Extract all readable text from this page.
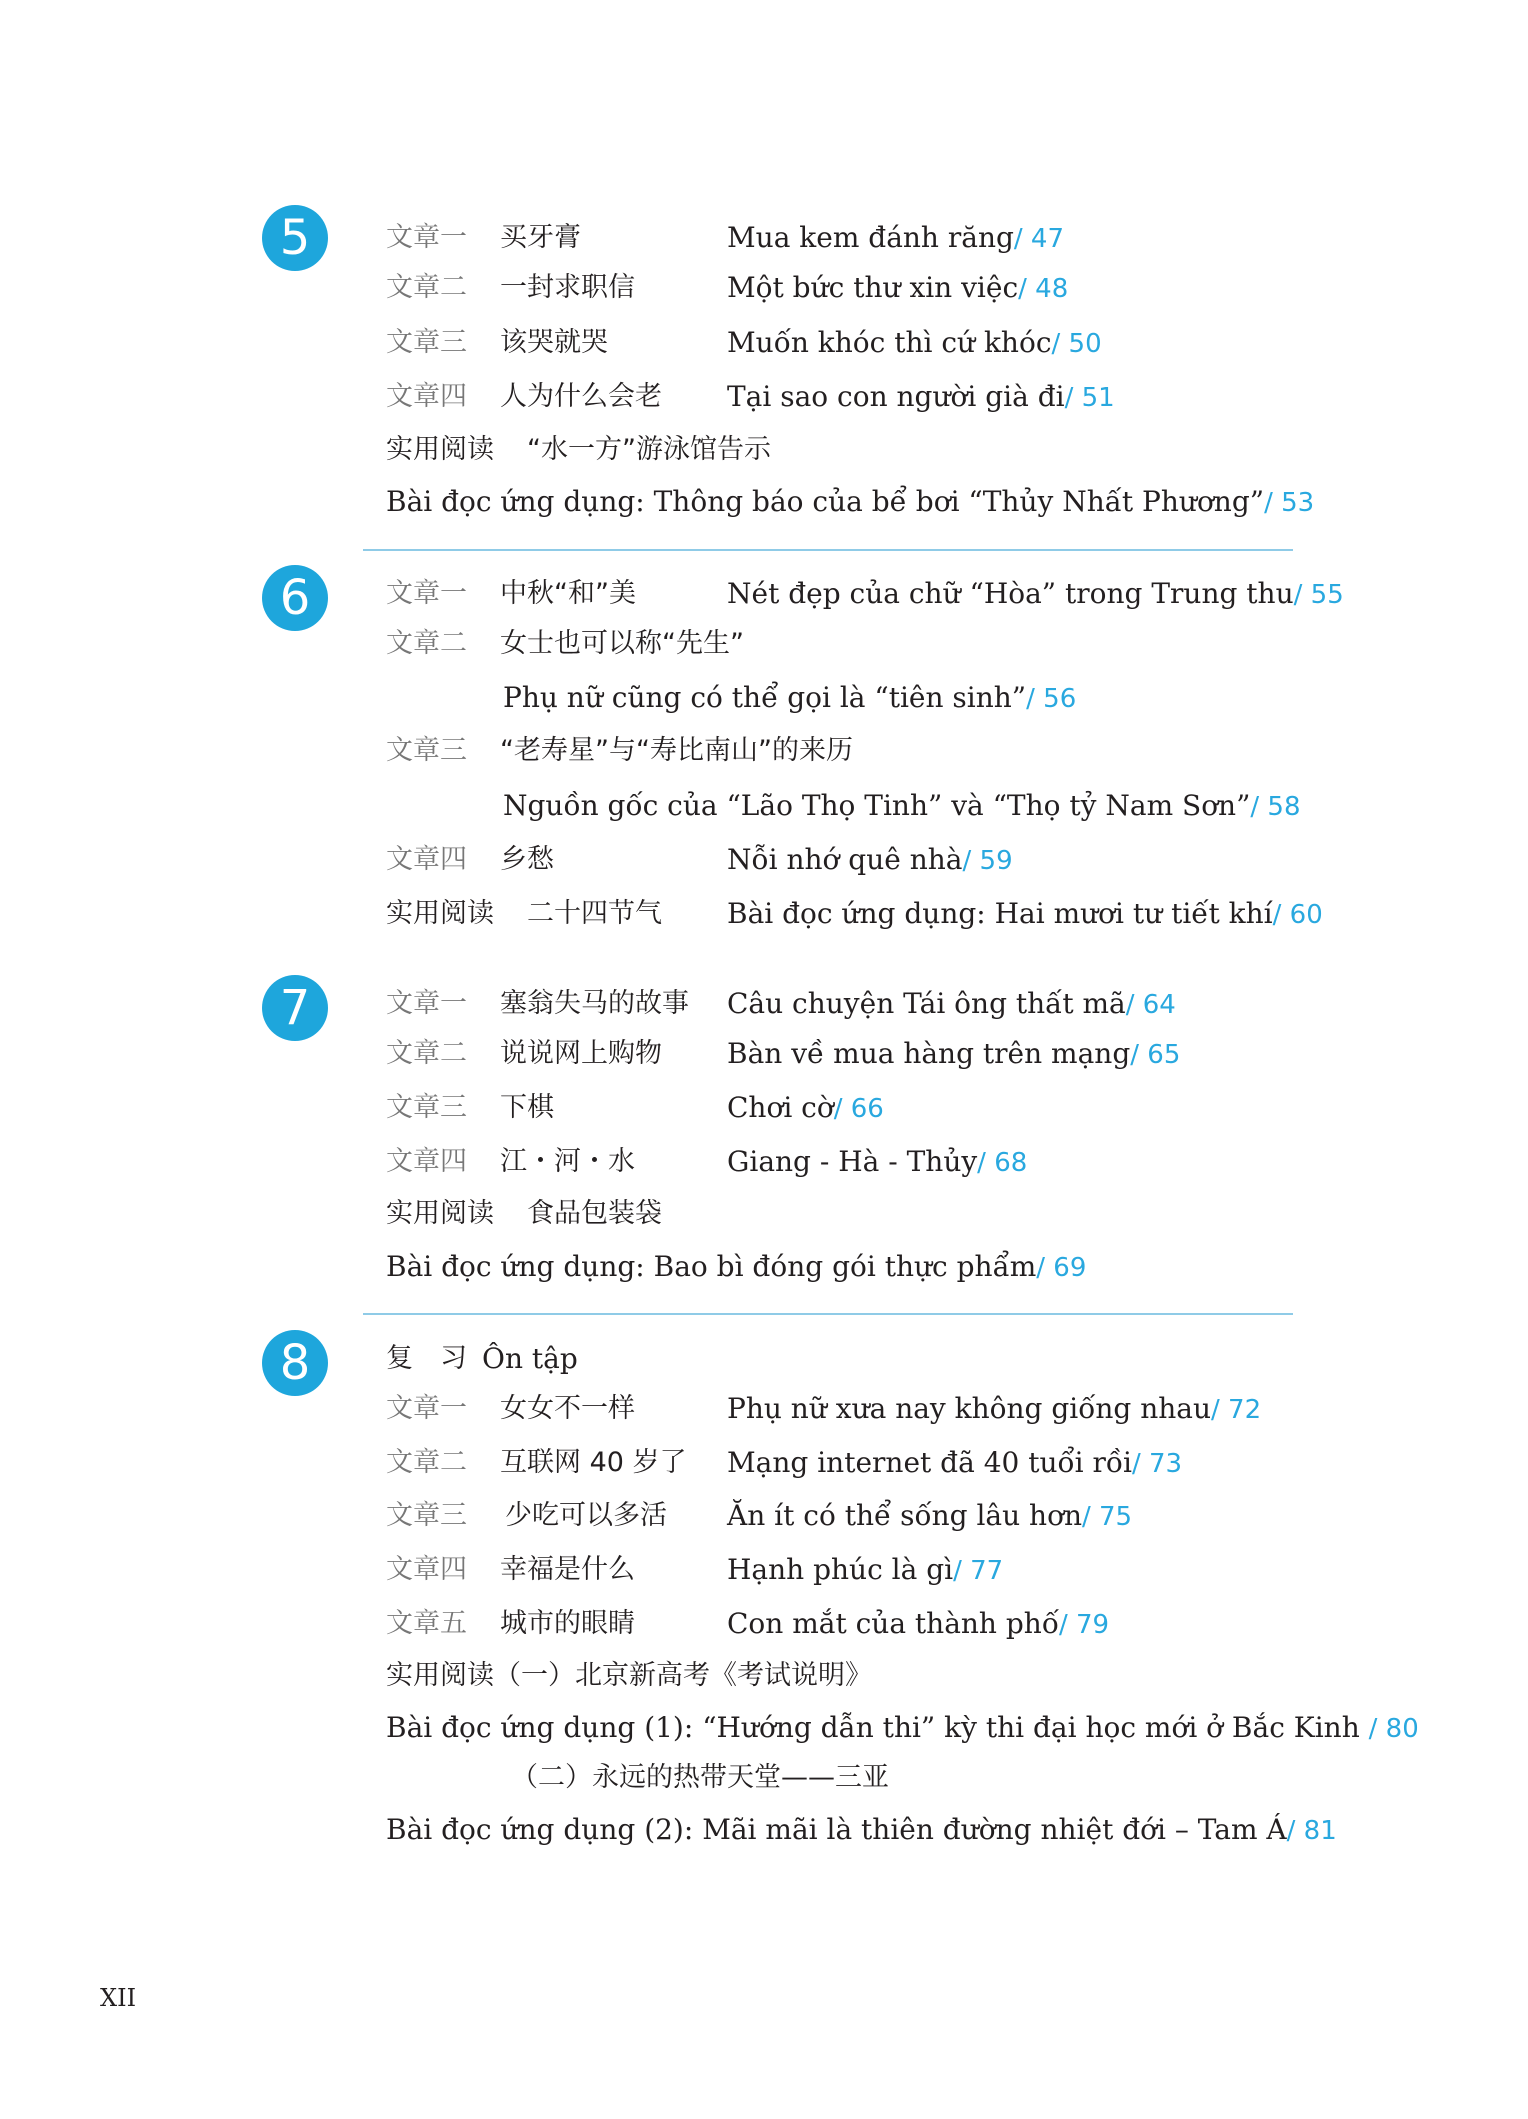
5	文章一 买牙膏	Mua kem đánh răng/ 47
文章二 一封求职信	Một bức thư xin việc/ 48
文章三 该哭就哭	Muốn khóc thì cứ khóc/ 50
文章四 人为什么会老 Tại sao con người già đi/ 51
实用阅读 “水一方”游泳馆告示
Bài đọc ứng dụng: Thông báo của bể bơi “Thủy Nhất Phương”/ 53
6	文章一 中秋“和”美	Nét đẹp của chữ “Hòa” trong Trung thu/ 55
文章二 女士也可以称“先生”
Phụ nữ cũng có thể gọi là “tiên sinh”/ 56
文章三 “老寿星”与“寿比南山”的来历
Nguồn gốc của “Lão Thọ Tinh” và “Thọ tỷ Nam Sơn”/ 58
文章四 乡愁	Nỗi nhớ quê nhà/ 59
实用阅读 二十四节气 Bài đọc ứng dụng: Hai mươi tư tiết khí/ 60
7	文章一 塞翁失马的故事 Câu chuyện Tái ông thất mã/ 64
文章二 说说网上购物 Bàn về mua hàng trên mạng/ 65
文章三 下棋	Chơi cờ/ 66
文章四 江・河・水	Giang - Hà - Thủy/ 68
实用阅读 食品包装袋
Bài đọc ứng dụng: Bao bì đóng gói thực phẩm/ 69
8	复　习 Ôn tập
文章一 女女不一样	Phụ nữ xưa nay không giống nhau/ 72
文章二 互联网 40 岁了 Mạng internet đã 40 tuổi rồi/ 73
文章三 少吃可以多活 Ăn ít có thể sống lâu hơn/ 75
文章四 幸福是什么	Hạnh phúc là gì/ 77
文章五 城市的眼睛	Con mắt của thành phố/ 79
实用阅读（一）北京新高考《考试说明》
Bài đọc ứng dụng (1): “Hướng dẫn thi” kỳ thi đại học mới ở Bắc Kinh / 80
（二）永远的热带天堂——三亚
Bài đọc ứng dụng (2): Mãi mãi là thiên đường nhiệt đới – Tam Á/ 81
XII
